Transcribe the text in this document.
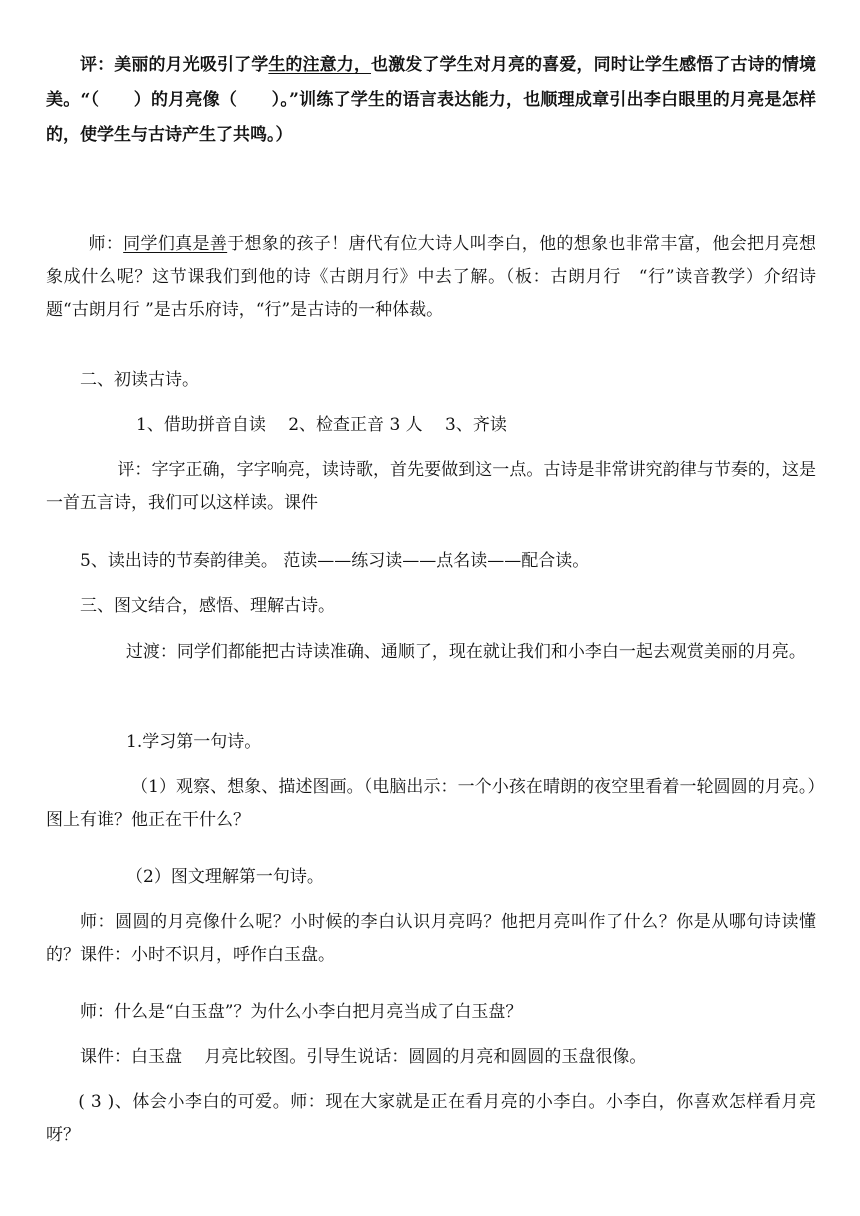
评：美丽的月光吸引了学生的注意力，也激发了学生对月亮的喜爱，同时让学生感悟了古诗的情境美。“（　　）的月亮像（　　）。”训练了学生的语言表达能力，也顺理成章引出李白眼里的月亮是怎样的，使学生与古诗产生了共鸣。）

师：同学们真是善于想象的孩子！唐代有位大诗人叫李白，他的想象也非常丰富，他会把月亮想象成什么呢？这节课我们到他的诗《古朗月行》中去了解。（板：古朗月行　“行”读音教学）介绍诗题“古朗月行 ”是古乐府诗，“行”是古诗的一种体裁。

二、初读古诗。

1、借助拼音自读　 2、检查正音 3 人　 3、齐读

评：字字正确，字字响亮，读诗歌，首先要做到这一点。古诗是非常讲究韵律与节奏的，这是一首五言诗，我们可以这样读。课件

5、读出诗的节奏韵律美。 范读——练习读——点名读——配合读。

三、图文结合，感悟、理解古诗。

过渡：同学们都能把古诗读准确、通顺了，现在就让我们和小李白一起去观赏美丽的月亮。

1.学习第一句诗。

（1）观察、想象、描述图画。（电脑出示：一个小孩在晴朗的夜空里看着一轮圆圆的月亮。）图上有谁？他正在干什么？

（2）图文理解第一句诗。

师：圆圆的月亮像什么呢？小时候的李白认识月亮吗？他把月亮叫作了什么？你是从哪句诗读懂的？课件：小时不识月，呼作白玉盘。

师：什么是“白玉盘”？为什么小李白把月亮当成了白玉盘？

课件：白玉盘　 月亮比较图。引导生说话：圆圆的月亮和圆圆的玉盘很像。

( 3 )、体会小李白的可爱。师：现在大家就是正在看月亮的小李白。小李白，你喜欢怎样看月亮呀？
